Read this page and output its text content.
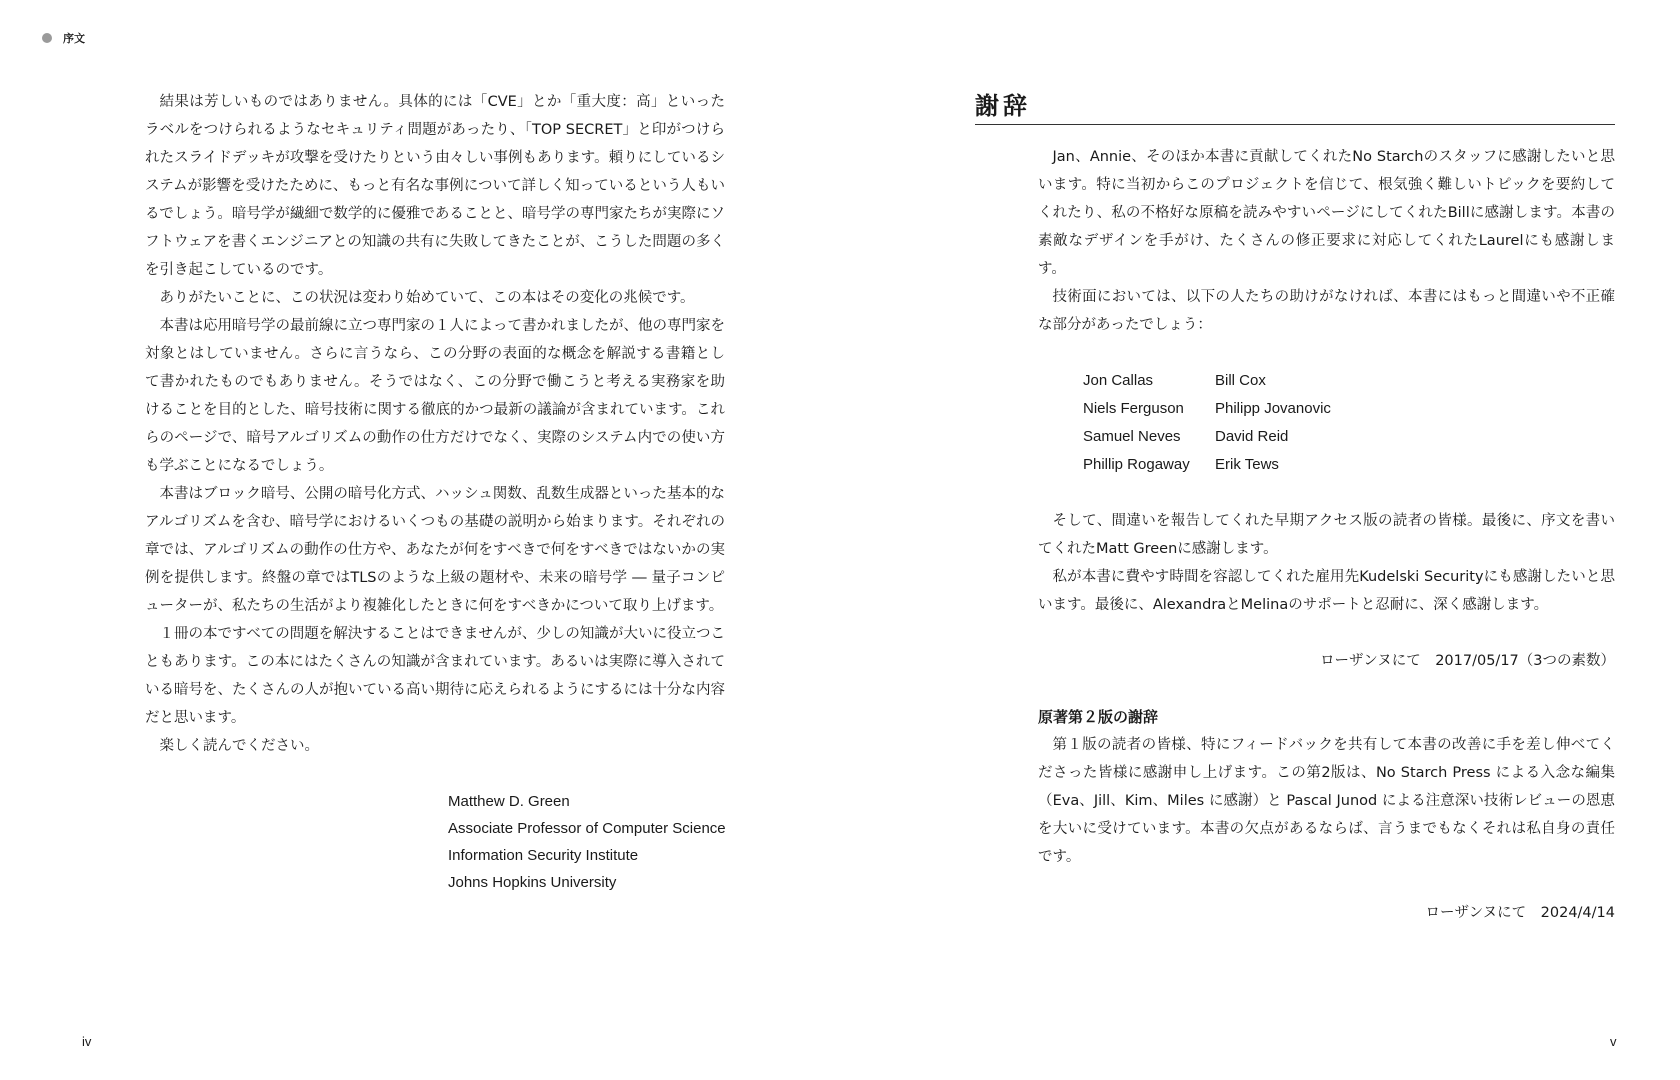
序文

結果は芳しいものではありません。具体的には「CVE」とか「重大度：高」といったラベルをつけられるようなセキュリティ問題があったり、「TOP SECRET」と印がつけられたスライドデッキが攻撃を受けたりという由々しい事例もあります。頼りにしているシステムが影響を受けたために、もっと有名な事例について詳しく知っているという人もいるでしょう。暗号学が繊細で数学的に優雅であることと、暗号学の専門家たちが実際にソフトウェアを書くエンジニアとの知識の共有に失敗してきたことが、こうした問題の多くを引き起こしているのです。

ありがたいことに、この状況は変わり始めていて、この本はその変化の兆候です。

本書は応用暗号学の最前線に立つ専門家の１人によって書かれましたが、他の専門家を対象とはしていません。さらに言うなら、この分野の表面的な概念を解説する書籍として書かれたものでもありません。そうではなく、この分野で働こうと考える実務家を助けることを目的とした、暗号技術に関する徹底的かつ最新の議論が含まれています。これらのページで、暗号アルゴリズムの動作の仕方だけでなく、実際のシステム内での使い方も学ぶことになるでしょう。

本書はブロック暗号、公開の暗号化方式、ハッシュ関数、乱数生成器といった基本的なアルゴリズムを含む、暗号学におけるいくつもの基礎の説明から始まります。それぞれの章では、アルゴリズムの動作の仕方や、あなたが何をすべきで何をすべきではないかの実例を提供します。終盤の章ではTLSのような上級の題材や、未来の暗号学 ― 量子コンピューターが、私たちの生活がより複雑化したときに何をすべきかについて取り上げます。

１冊の本ですべての問題を解決することはできませんが、少しの知識が大いに役立つこともあります。この本にはたくさんの知識が含まれています。あるいは実際に導入されている暗号を、たくさんの人が抱いている高い期待に応えられるようにするには十分な内容だと思います。

楽しく読んでください。

Matthew D. Green
Associate Professor of Computer Science
Information Security Institute
Johns Hopkins University
謝辞

Jan、Annie、そのほか本書に貢献してくれたNo Starchのスタッフに感謝したいと思います。特に当初からこのプロジェクトを信じて、根気強く難しいトピックを要約してくれたり、私の不格好な原稿を読みやすいページにしてくれたBillに感謝します。本書の素敵なデザインを手がけ、たくさんの修正要求に対応してくれたLaurelにも感謝します。

技術面においては、以下の人たちの助けがなければ、本書にはもっと間違いや不正確な部分があったでしょう：

Jon Callas	Bill Cox
Niels Ferguson	Philipp Jovanovic
Samuel Neves	David Reid
Phillip Rogaway	Erik Tews

そして、間違いを報告してくれた早期アクセス版の読者の皆様。最後に、序文を書いてくれたMatt Greenに感謝します。

私が本書に費やす時間を容認してくれた雇用先Kudelski Securityにも感謝したいと思います。最後に、AlexandraとMelinaのサポートと忍耐に、深く感謝します。

ローザンヌにて　2017/05/17（3つの素数）
原著第２版の謝辞

第１版の読者の皆様、特にフィードバックを共有して本書の改善に手を差し伸べてくださった皆様に感謝申し上げます。この第2版は、No Starch Press による入念な編集（Eva、Jill、Kim、Miles に感謝）と Pascal Junod による注意深い技術レビューの恩恵を大いに受けています。本書の欠点があるならば、言うまでもなくそれは私自身の責任です。

ローザンヌにて　2024/4/14
iv	v
